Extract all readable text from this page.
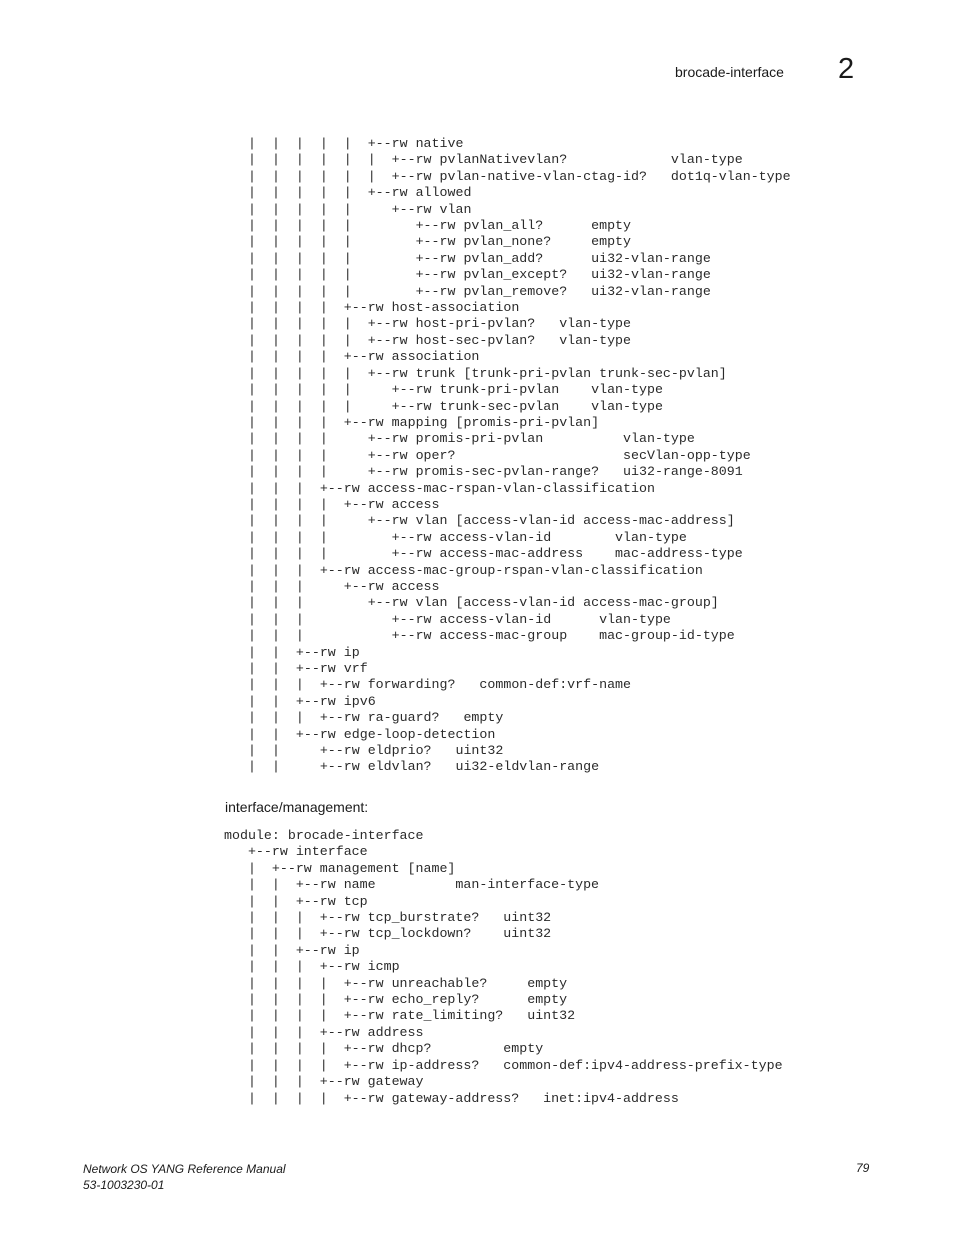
brocade-interface 2
|  |  |  |  |  +--rw native
|  |  |  |  |  |  +--rw pvlanNativevlan?             vlan-type
|  |  |  |  |  |  +--rw pvlan-native-vlan-ctag-id?   dot1q-vlan-type
|  |  |  |  |  +--rw allowed
|  |  |  |  |     +--rw vlan
|  |  |  |  |        +--rw pvlan_all?      empty
|  |  |  |  |        +--rw pvlan_none?     empty
|  |  |  |  |        +--rw pvlan_add?      ui32-vlan-range
|  |  |  |  |        +--rw pvlan_except?   ui32-vlan-range
|  |  |  |  |        +--rw pvlan_remove?   ui32-vlan-range
|  |  |  |  +--rw host-association
|  |  |  |  |  +--rw host-pri-pvlan?   vlan-type
|  |  |  |  |  +--rw host-sec-pvlan?   vlan-type
|  |  |  |  +--rw association
|  |  |  |  |  +--rw trunk [trunk-pri-pvlan trunk-sec-pvlan]
|  |  |  |  |     +--rw trunk-pri-pvlan    vlan-type
|  |  |  |  |     +--rw trunk-sec-pvlan    vlan-type
|  |  |  |  +--rw mapping [promis-pri-pvlan]
|  |  |  |     +--rw promis-pri-pvlan          vlan-type
|  |  |  |     +--rw oper?                     secVlan-opp-type
|  |  |  |     +--rw promis-sec-pvlan-range?   ui32-range-8091
|  |  |  +--rw access-mac-rspan-vlan-classification
|  |  |  |  +--rw access
|  |  |  |     +--rw vlan [access-vlan-id access-mac-address]
|  |  |  |        +--rw access-vlan-id        vlan-type
|  |  |  |        +--rw access-mac-address    mac-address-type
|  |  |  +--rw access-mac-group-rspan-vlan-classification
|  |  |     +--rw access
|  |  |        +--rw vlan [access-vlan-id access-mac-group]
|  |  |           +--rw access-vlan-id      vlan-type
|  |  |           +--rw access-mac-group    mac-group-id-type
|  |  +--rw ip
|  |  +--rw vrf
|  |  |  +--rw forwarding?   common-def:vrf-name
|  |  +--rw ipv6
|  |  |  +--rw ra-guard?   empty
|  |  +--rw edge-loop-detection
|  |     +--rw eldprio?   uint32
|  |     +--rw eldvlan?   ui32-eldvlan-range
interface/management:
module: brocade-interface
+--rw interface
|  +--rw management [name]
|  |  +--rw name          man-interface-type
|  |  +--rw tcp
|  |  |  +--rw tcp_burstrate?   uint32
|  |  |  +--rw tcp_lockdown?    uint32
|  |  +--rw ip
|  |  |  +--rw icmp
|  |  |  |  +--rw unreachable?     empty
|  |  |  |  +--rw echo_reply?      empty
|  |  |  |  +--rw rate_limiting?   uint32
|  |  |  +--rw address
|  |  |  |  +--rw dhcp?         empty
|  |  |  |  +--rw ip-address?   common-def:ipv4-address-prefix-type
|  |  |  +--rw gateway
|  |  |  |  +--rw gateway-address?   inet:ipv4-address
Network OS YANG Reference Manual
53-1003230-01
79
